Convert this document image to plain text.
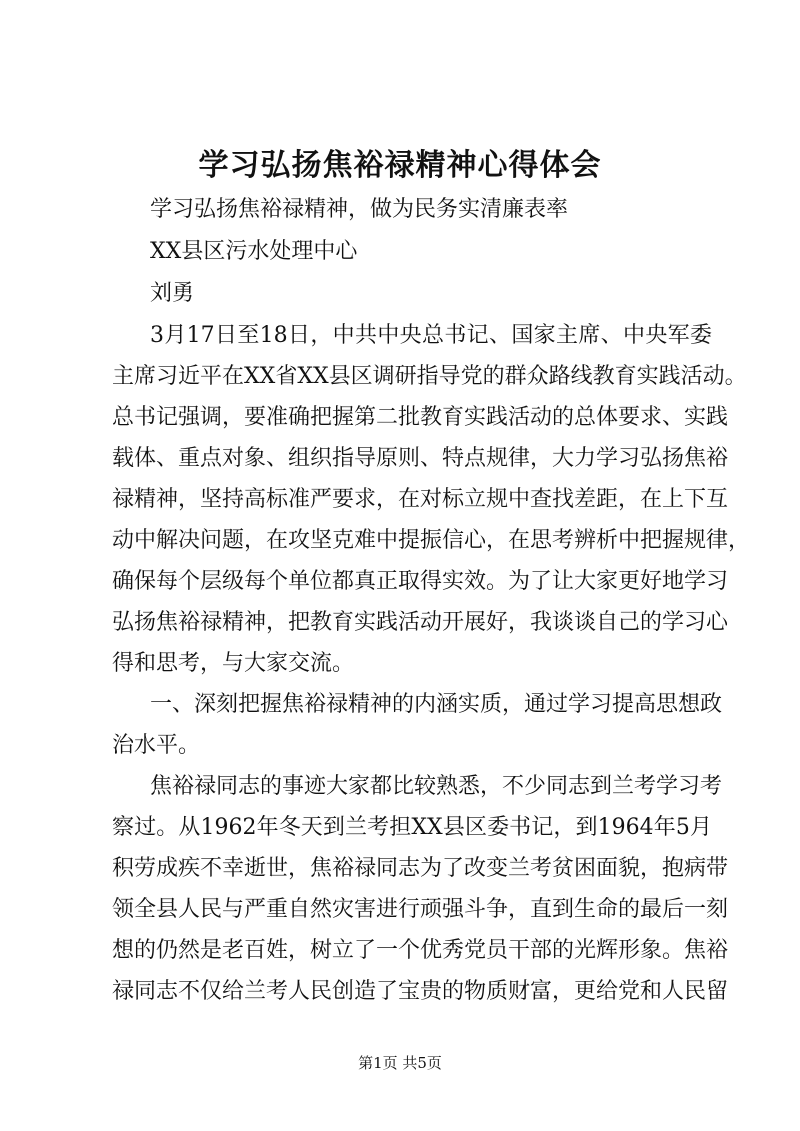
学习弘扬焦裕禄精神心得体会
学习弘扬焦裕禄精神，做为民务实清廉表率
XX县区污水处理中心
刘勇
3月17日至18日，中共中央总书记、国家主席、中央军委
主席习近平在XX省XX县区调研指导党的群众路线教育实践活动。
总书记强调，要准确把握第二批教育实践活动的总体要求、实践
载体、重点对象、组织指导原则、特点规律，大力学习弘扬焦裕
禄精神，坚持高标准严要求，在对标立规中查找差距，在上下互
动中解决问题，在攻坚克难中提振信心，在思考辨析中把握规律，
确保每个层级每个单位都真正取得实效。为了让大家更好地学习
弘扬焦裕禄精神，把教育实践活动开展好，我谈谈自己的学习心
得和思考，与大家交流。
一、深刻把握焦裕禄精神的内涵实质，通过学习提高思想政
治水平。
焦裕禄同志的事迹大家都比较熟悉，不少同志到兰考学习考
察过。从1962年冬天到兰考担XX县区委书记，到1964年5月
积劳成疾不幸逝世，焦裕禄同志为了改变兰考贫困面貌，抱病带
领全县人民与严重自然灾害进行顽强斗争，直到生命的最后一刻
想的仍然是老百姓，树立了一个优秀党员干部的光辉形象。焦裕
禄同志不仅给兰考人民创造了宝贵的物质财富，更给党和人民留
第1页 共5页
